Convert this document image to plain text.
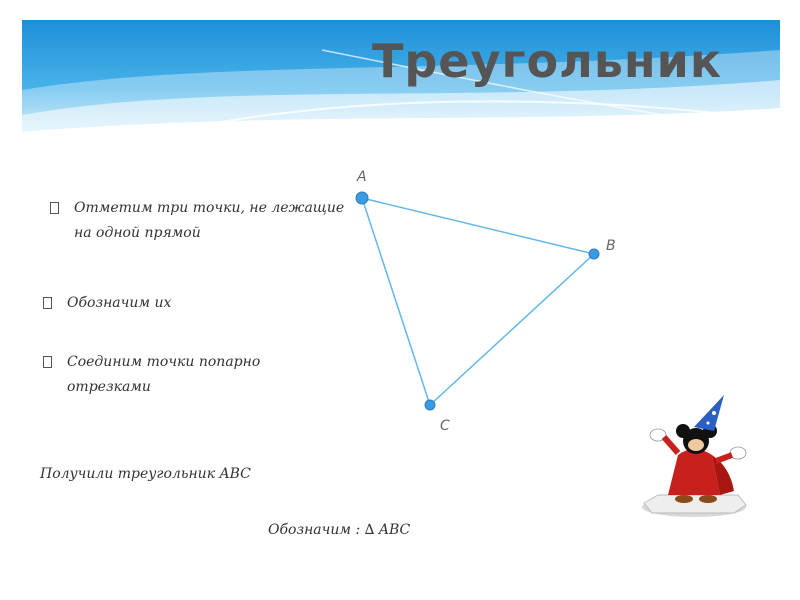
Треугольник
Отметим три точки, не лежащие
на одной прямой
Обозначим их
Соединим точки попарно
отрезками
Получили треугольник ABC
Обозначим : ∆ ABC
A
B
C
